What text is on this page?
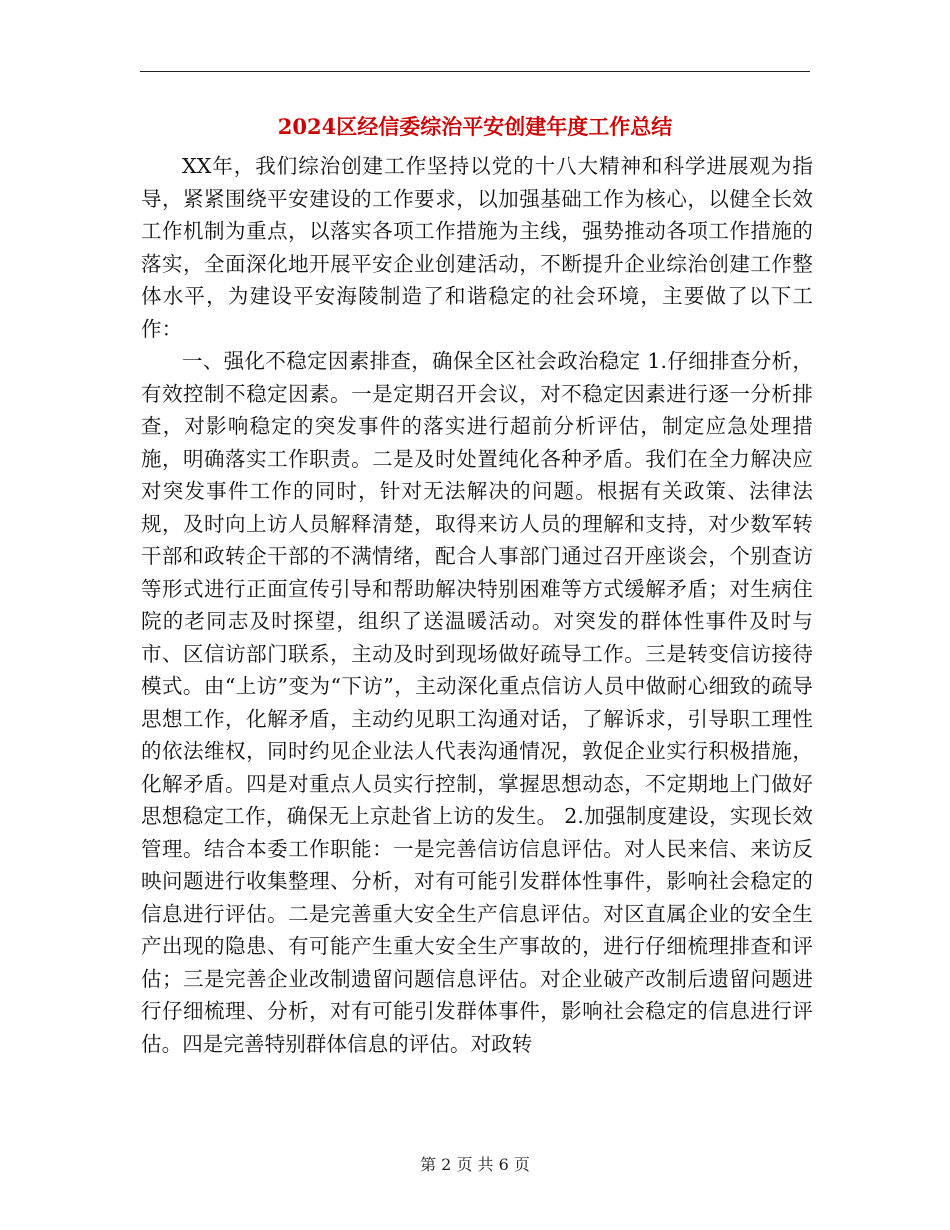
2024区经信委综治平安创建年度工作总结

XX年，我们综治创建工作坚持以党的十八大精神和科学进展观为指导，紧紧围绕平安建设的工作要求，以加强基础工作为核心，以健全长效工作机制为重点，以落实各项工作措施为主线，强势推动各项工作措施的落实，全面深化地开展平安企业创建活动，不断提升企业综治创建工作整体水平，为建设平安海陵制造了和谐稳定的社会环境，主要做了以下工作：

一、强化不稳定因素排查，确保全区社会政治稳定 1.仔细排查分析，有效控制不稳定因素。一是定期召开会议，对不稳定因素进行逐一分析排查，对影响稳定的突发事件的落实进行超前分析评估，制定应急处理措施，明确落实工作职责。二是及时处置纯化各种矛盾。我们在全力解决应对突发事件工作的同时，针对无法解决的问题。根据有关政策、法律法规，及时向上访人员解释清楚，取得来访人员的理解和支持，对少数军转干部和政转企干部的不满情绪，配合人事部门通过召开座谈会，个别查访等形式进行正面宣传引导和帮助解决特别困难等方式缓解矛盾；对生病住院的老同志及时探望，组织了送温暖活动。对突发的群体性事件及时与市、区信访部门联系，主动及时到现场做好疏导工作。三是转变信访接待模式。由“上访”变为“下访”，主动深化重点信访人员中做耐心细致的疏导思想工作，化解矛盾，主动约见职工沟通对话，了解诉求，引导职工理性的依法维权，同时约见企业法人代表沟通情况，敦促企业实行积极措施，化解矛盾。四是对重点人员实行控制，掌握思想动态，不定期地上门做好思想稳定工作，确保无上京赴省上访的发生。 2.加强制度建设，实现长效管理。结合本委工作职能：一是完善信访信息评估。对人民来信、来访反映问题进行收集整理、分析，对有可能引发群体性事件，影响社会稳定的信息进行评估。二是完善重大安全生产信息评估。对区直属企业的安全生产出现的隐患、有可能产生重大安全生产事故的，进行仔细梳理排查和评估；三是完善企业改制遗留问题信息评估。对企业破产改制后遗留问题进行仔细梳理、分析，对有可能引发群体事件，影响社会稳定的信息进行评估。四是完善特别群体信息的评估。对政转

第 2 页 共 6 页
